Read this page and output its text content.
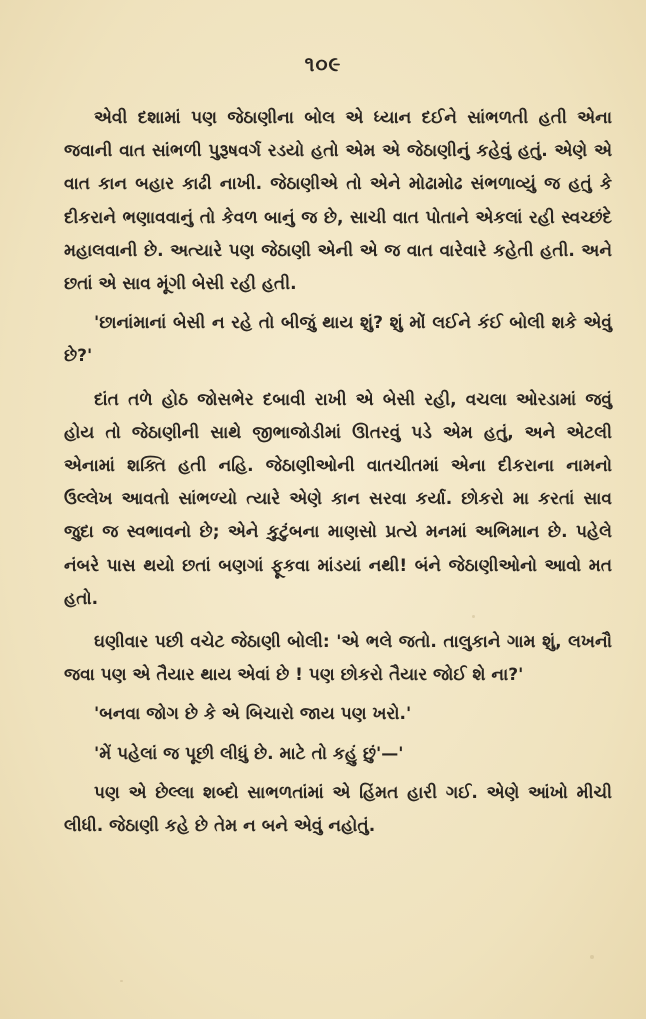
૧૦૯

એવી દશામાં પણ જેઠાણીના બોલ એ ધ્યાન દઈને સાંભળતી હતી એના જવાની વાત સાંભળી પુરૂષવર્ગ રડયો હતો એમ એ જેઠાણીનું કહેવું હતું. એણે એ વાત કાન બહાર કાઢી નાખી. જેઠાણીએ તો એને મોઢામોઢ સંભળાવ્યું જ હતું કે દીકરાને ભણાવવાનું તો કેવળ બાનું જ છે, સાચી વાત પોતાને એકલાં રહી સ્વચ્છંદે મહાલવાની છે. અત્યારે પણ જેઠાણી એની એ જ વાત વારેવારે કહેતી હતી. અને છતાં એ સાવ મૂંગી બેસી રહી હતી.

'છાનાંમાનાં બેસી ન રહે તો બીજું થાય શું? શું મોં લઈને કંઈ બોલી શકે એવું છે?'

દાંત તળે હોઠ જોસભેર દબાવી રાખી એ બેસી રહી, વચલા ઓરડામાં જવું હોય તો જેઠાણીની સાથે જીભાજોડીમાં ઊતરવું પડે એમ હતું, અને એટલી એનામાં શક્તિ હતી નહિ. જેઠાણીઓની વાતચીતમાં એના દીકરાના નામનો ઉલ્લેખ આવતો સાંભળ્યો ત્યારે એણે કાન સરવા કર્યા. છોકરો મા કરતાં સાવ જુદા જ સ્વભાવનો છે; એને કુટુંબના માણસો પ્રત્યે મનમાં અભિમાન છે. પહેલે નંબરે પાસ થયો છતાં બણગાં ફૂકવા માંડયાં નથી! બંને જેઠાણીઓનો આવો મત હતો.

ઘણીવાર પછી વચેટ જેઠાણી બોલી: 'એ ભલે જતો. તાલુકાને ગામ શું, લખનૌ જવા પણ એ તૈયાર થાય એવાં છે ! પણ છોકરો તૈયાર જોઈ શે ના?'

'બનવા જોગ છે કે એ બિચારો જાય પણ ખરો.'

'મેં પહેલાં જ પૂછી લીધું છે. માટે તો કહું છું'—'

પણ એ છેલ્લા શબ્દો સાભળતાંમાં એ હિંમત હારી ગઈ. એણે આંખો મીચી લીધી. જેઠાણી કહે છે તેમ ન બને એવું નહોતું.
